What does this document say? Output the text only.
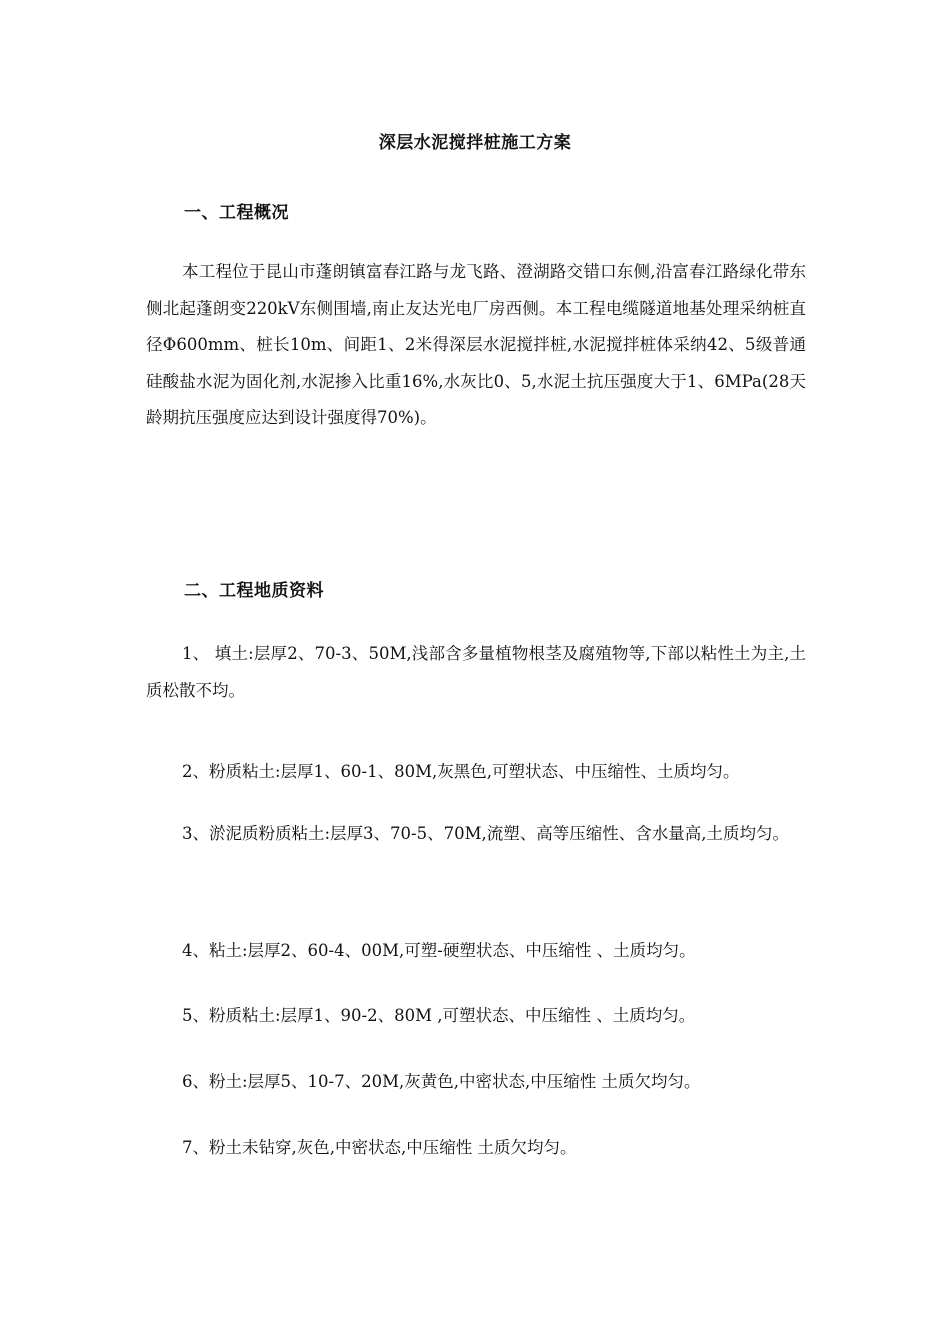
深层水泥搅拌桩施工方案
一、工程概况

本工程位于昆山市蓬朗镇富春江路与龙飞路、澄湖路交错口东侧,沿富春江路绿化带东侧北起蓬朗变220kV东侧围墙,南止友达光电厂房西侧。本工程电缆隧道地基处理采纳桩直径Φ600mm、桩长10m、间距1、2米得深层水泥搅拌桩,水泥搅拌桩体采纳42、5级普通硅酸盐水泥为固化剂,水泥掺入比重16%,水灰比0、5,水泥土抗压强度大于1、6MPa(28天龄期抗压强度应达到设计强度得70%)。

二、工程地质资料

1、 填土:层厚2、70-3、50M,浅部含多量植物根茎及腐殖物等,下部以粘性土为主,土质松散不均。

2、粉质粘土:层厚1、60-1、80M,灰黑色,可塑状态、中压缩性、土质均匀。

3、淤泥质粉质粘土:层厚3、70-5、70M,流塑、高等压缩性、含水量高,土质均匀。

4、粘土:层厚2、60-4、00M,可塑-硬塑状态、中压缩性 、土质均匀。

5、粉质粘土:层厚1、90-2、80M ,可塑状态、中压缩性 、土质均匀。

6、粉土:层厚5、10-7、20M,灰黄色,中密状态,中压缩性 土质欠均匀。

7、粉土未钻穿,灰色,中密状态,中压缩性 土质欠均匀。
